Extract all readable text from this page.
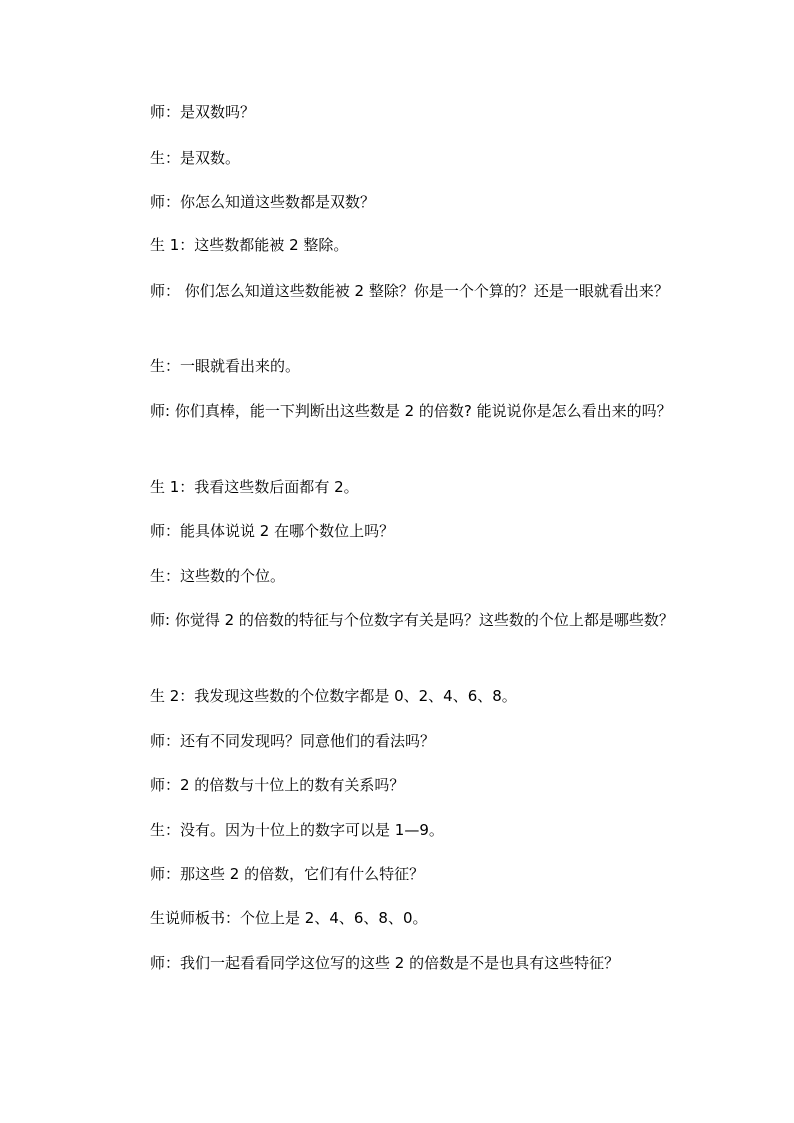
师：是双数吗？

生：是双数。

师：你怎么知道这些数都是双数？

生 1：这些数都能被 2 整除。

师： 你们怎么知道这些数能被 2 整除？你是一个个算的？还是一眼就看出来？

生：一眼就看出来的。

师: 你们真棒，能一下判断出这些数是 2 的倍数? 能说说你是怎么看出来的吗？

生 1：我看这些数后面都有 2。

师：能具体说说 2 在哪个数位上吗？

生：这些数的个位。

师: 你觉得 2 的倍数的特征与个位数字有关是吗？这些数的个位上都是哪些数？

生 2：我发现这些数的个位数字都是 0、2、4、6、8。

师：还有不同发现吗？同意他们的看法吗？

师：2 的倍数与十位上的数有关系吗？

生：没有。因为十位上的数字可以是 1—9。

师：那这些 2 的倍数，它们有什么特征？

生说师板书：个位上是 2、4、6、8、0。

师：我们一起看看同学这位写的这些 2 的倍数是不是也具有这些特征？
